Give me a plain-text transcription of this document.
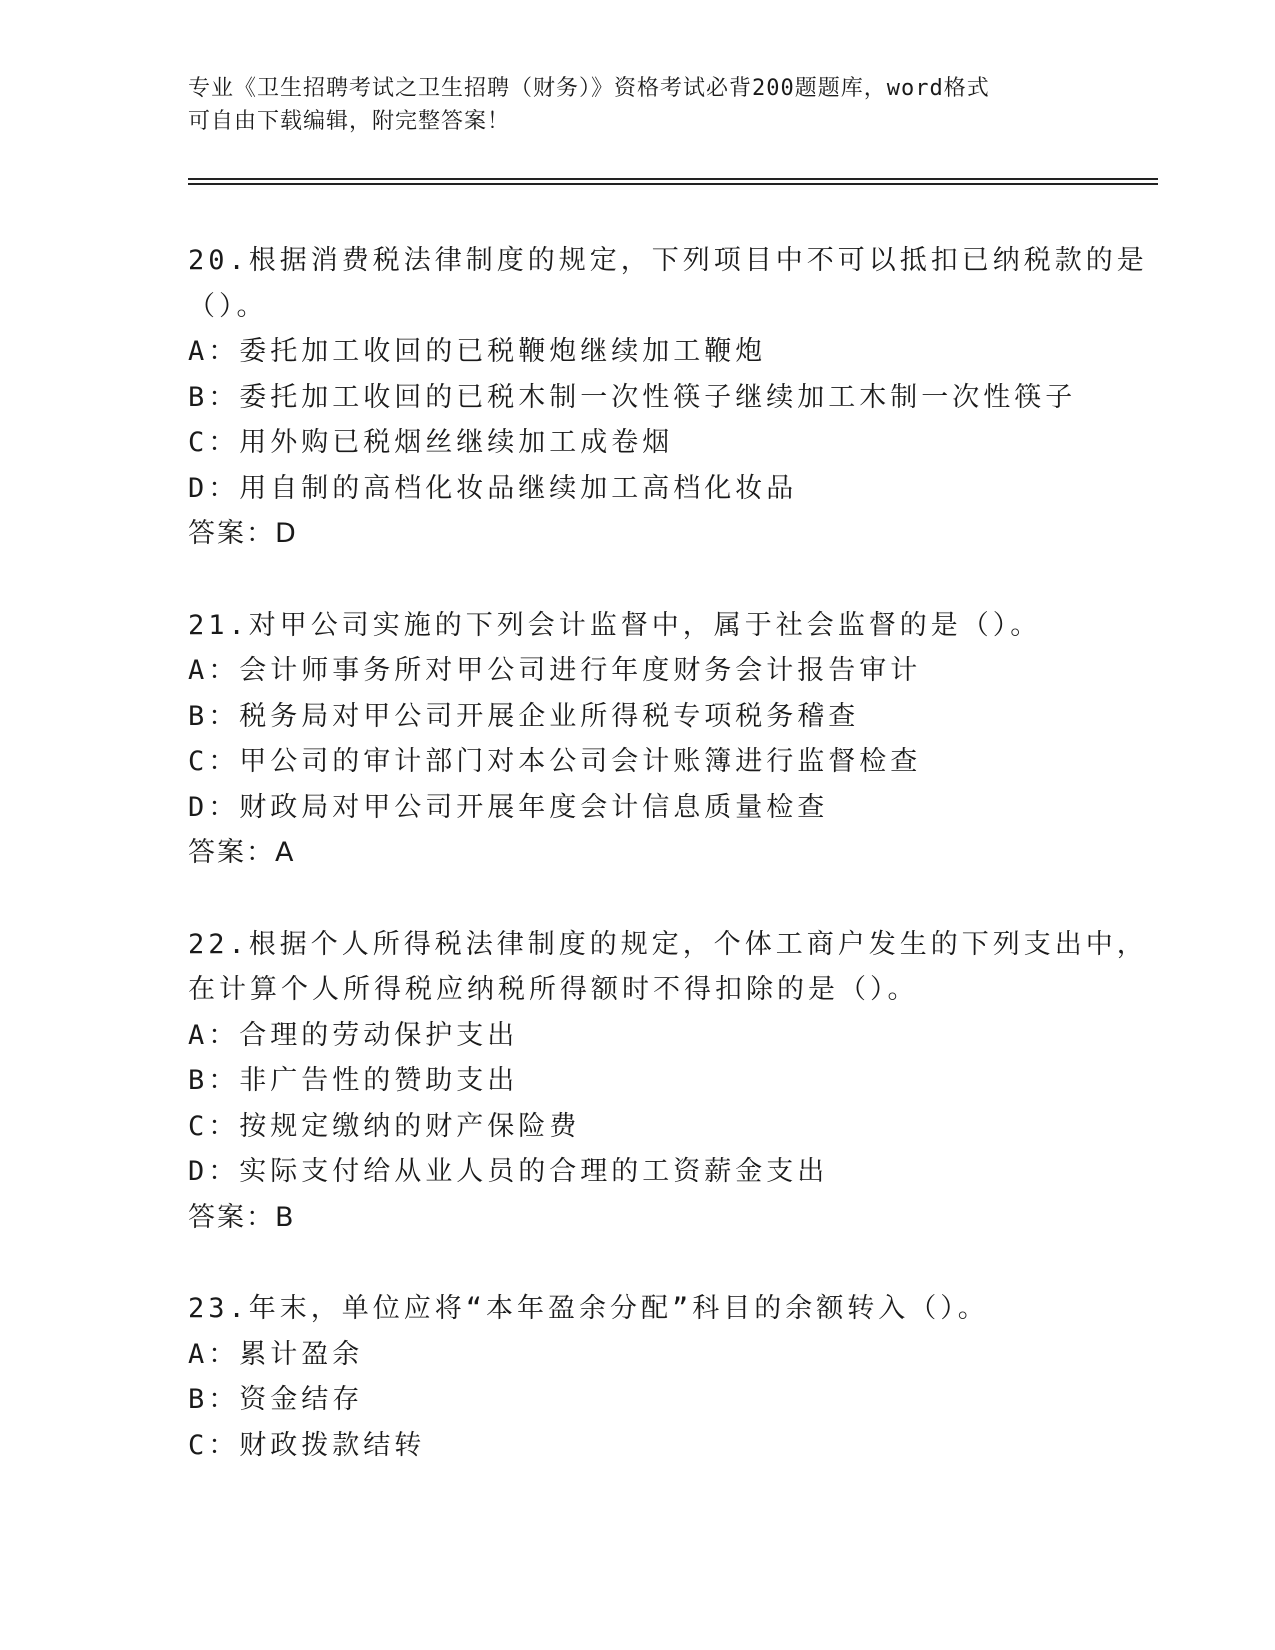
专业《卫生招聘考试之卫生招聘（财务）》资格考试必背200题题库，word格式
可自由下载编辑，附完整答案！
20.根据消费税法律制度的规定，下列项目中不可以抵扣已纳税款的是
（）。
A：委托加工收回的已税鞭炮继续加工鞭炮
B：委托加工收回的已税木制一次性筷子继续加工木制一次性筷子
C：用外购已税烟丝继续加工成卷烟
D：用自制的高档化妆品继续加工高档化妆品
答案：D
21.对甲公司实施的下列会计监督中，属于社会监督的是（）。
A：会计师事务所对甲公司进行年度财务会计报告审计
B：税务局对甲公司开展企业所得税专项税务稽查
C：甲公司的审计部门对本公司会计账簿进行监督检查
D：财政局对甲公司开展年度会计信息质量检查
答案：A
22.根据个人所得税法律制度的规定，个体工商户发生的下列支出中，
在计算个人所得税应纳税所得额时不得扣除的是（）。
A：合理的劳动保护支出
B：非广告性的赞助支出
C：按规定缴纳的财产保险费
D：实际支付给从业人员的合理的工资薪金支出
答案：B
23.年末，单位应将“本年盈余分配”科目的余额转入（）。
A：累计盈余
B：资金结存
C：财政拨款结转
